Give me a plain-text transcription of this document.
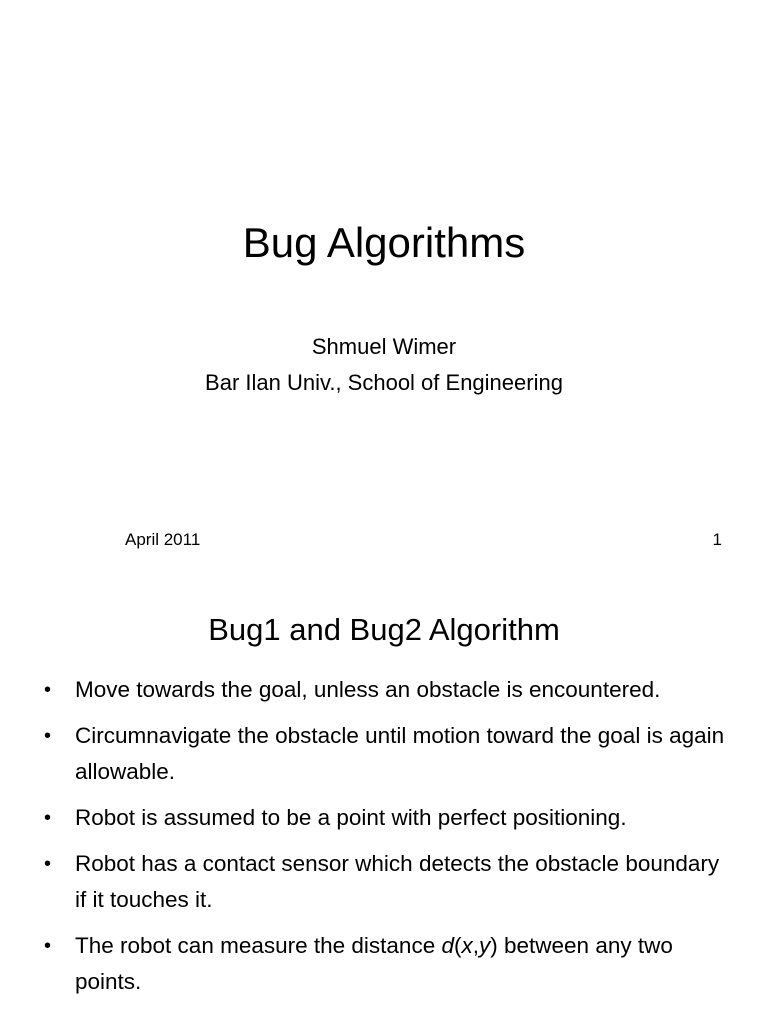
Bug Algorithms
Shmuel Wimer
Bar Ilan Univ., School of Engineering
April 2011	1
Bug1 and Bug2 Algorithm
• Move towards the goal, unless an obstacle is encountered.
• Circumnavigate the obstacle until motion toward the goal is again allowable.
• Robot is assumed to be a point with perfect positioning.
• Robot has a contact sensor which detects the obstacle boundary if it touches it.
• The robot can measure the distance d(x,y) between any two points.
